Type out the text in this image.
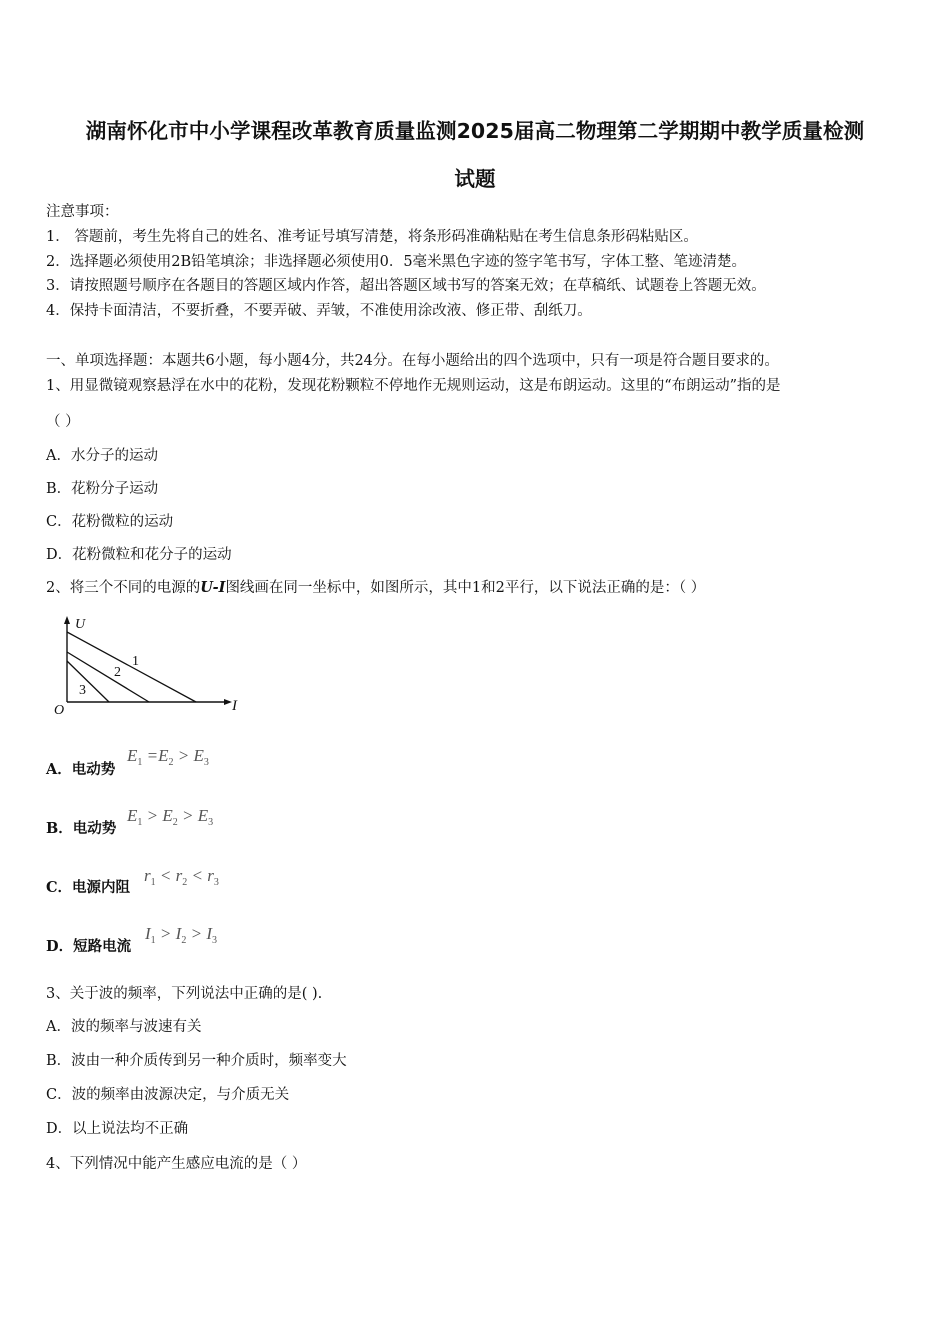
湖南怀化市中小学课程改革教育质量监测2025届高二物理第二学期期中教学质量检测
试题
注意事项：
1． 答题前，考生先将自己的姓名、准考证号填写清楚，将条形码准确粘贴在考生信息条形码粘贴区。
2．选择题必须使用2B铅笔填涂；非选择题必须使用0．5毫米黑色字迹的签字笔书写，字体工整、笔迹清楚。
3．请按照题号顺序在各题目的答题区域内作答，超出答题区域书写的答案无效；在草稿纸、试题卷上答题无效。
4．保持卡面清洁，不要折叠，不要弄破、弄皱，不准使用涂改液、修正带、刮纸刀。
一、单项选择题：本题共6小题，每小题4分，共24分。在每小题给出的四个选项中，只有一项是符合题目要求的。
1、用显微镜观察悬浮在水中的花粉，发现花粉颗粒不停地作无规则运动，这是布朗运动。这里的“布朗运动”指的是
（ ）
A．水分子的运动
B．花粉分子运动
C．花粉微粒的运动
D．花粉微粒和花分子的运动
2、将三个不同的电源的U-I图线画在同一坐标中，如图所示，其中1和2平行，以下说法正确的是：（ ）
U
I
O
1
2
3
A．电动势
$E_1 =E_2 > E_3$
B．电动势
$E_1 > E_2 > E_3$
C．电源内阻
$r_1 < r_2 < r_3$
D．短路电流
$I_1 > I_2 > I_3$
3、关于波的频率，下列说法中正确的是( ).
A．波的频率与波速有关
B．波由一种介质传到另一种介质时，频率变大
C．波的频率由波源决定，与介质无关
D．以上说法均不正确
4、下列情况中能产生感应电流的是（ ）
